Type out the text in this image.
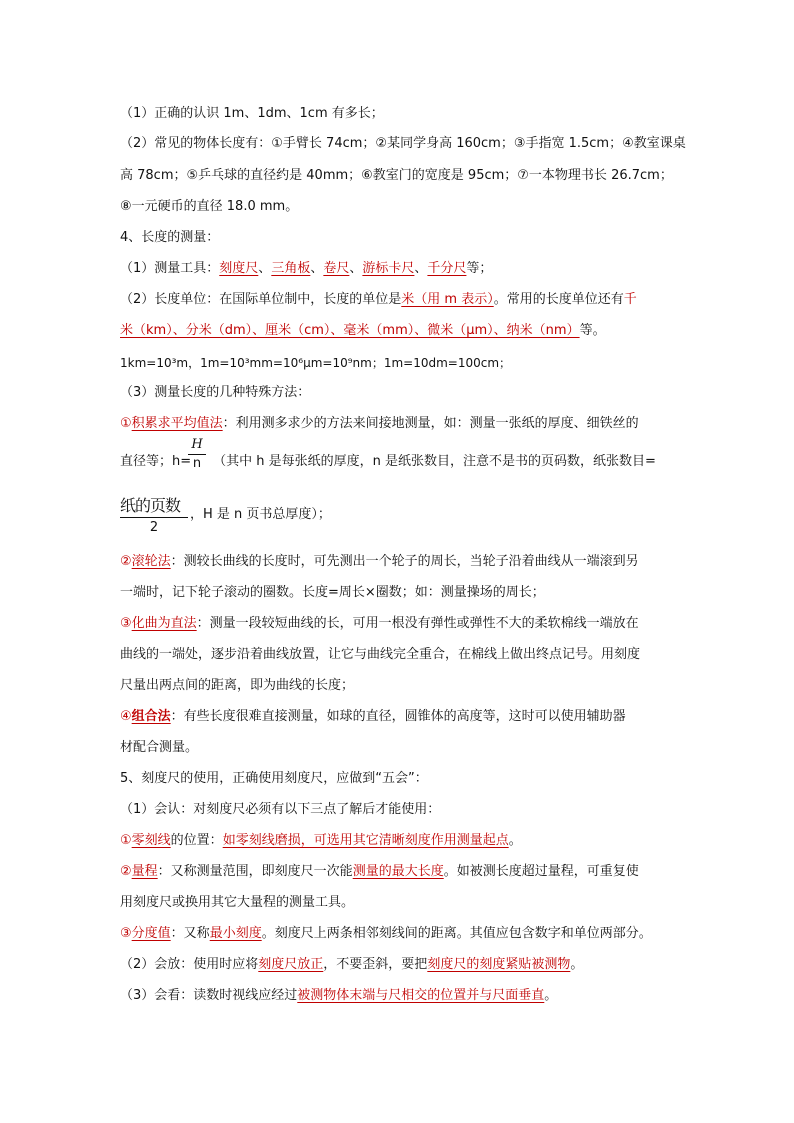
（1）正确的认识 1m、1dm、1cm 有多长；
（2）常见的物体长度有：①手臂长 74cm；②某同学身高 160cm；③手指宽 1.5cm；④教室课桌
高 78cm；⑤乒乓球的直径约是 40mm；⑥教室门的宽度是 95cm；⑦一本物理书长 26.7cm；
⑧一元硬币的直径 18.0 mm。
4、长度的测量：
（1）测量工具：刻度尺、三角板、卷尺、游标卡尺、千分尺等；
（2）长度单位：在国际单位制中，长度的单位是米（用 m 表示）。常用的长度单位还有千
米（km）、分米（dm）、厘米（cm）、毫米（mm）、微米（μm）、纳米（nm）等。
1km=10³m，1m=10³mm=10⁶μm=10⁹nm；1m=10dm=100cm；
（3）测量长度的几种特殊方法：
①积累求平均值法：利用测多求少的方法来间接地测量，如：测量一张纸的厚度、细铁丝的
直径等；h= （其中 h 是每张纸的厚度，n 是纸张数目，注意不是书的页码数，纸张数目=
H
n
纸的页数
2
，H 是 n 页书总厚度）；
②滚轮法：测较长曲线的长度时，可先测出一个轮子的周长，当轮子沿着曲线从一端滚到另
一端时，记下轮子滚动的圈数。长度=周长×圈数；如：测量操场的周长；
③化曲为直法：测量一段较短曲线的长，可用一根没有弹性或弹性不大的柔软棉线一端放在
曲线的一端处，逐步沿着曲线放置，让它与曲线完全重合，在棉线上做出终点记号。用刻度
尺量出两点间的距离，即为曲线的长度；
④组合法：有些长度很难直接测量，如球的直径，圆锥体的高度等，这时可以使用辅助器
材配合测量。
5、刻度尺的使用，正确使用刻度尺，应做到“五会”：
（1）会认：对刻度尺必须有以下三点了解后才能使用：
①零刻线的位置：如零刻线磨损，可选用其它清晰刻度作用测量起点。
②量程：又称测量范围，即刻度尺一次能测量的最大长度。如被测长度超过量程，可重复使
用刻度尺或换用其它大量程的测量工具。
③分度值：又称最小刻度。刻度尺上两条相邻刻线间的距离。其值应包含数字和单位两部分。
（2）会放：使用时应将刻度尺放正，不要歪斜，要把刻度尺的刻度紧贴被测物。
（3）会看：读数时视线应经过被测物体末端与尺相交的位置并与尺面垂直。
